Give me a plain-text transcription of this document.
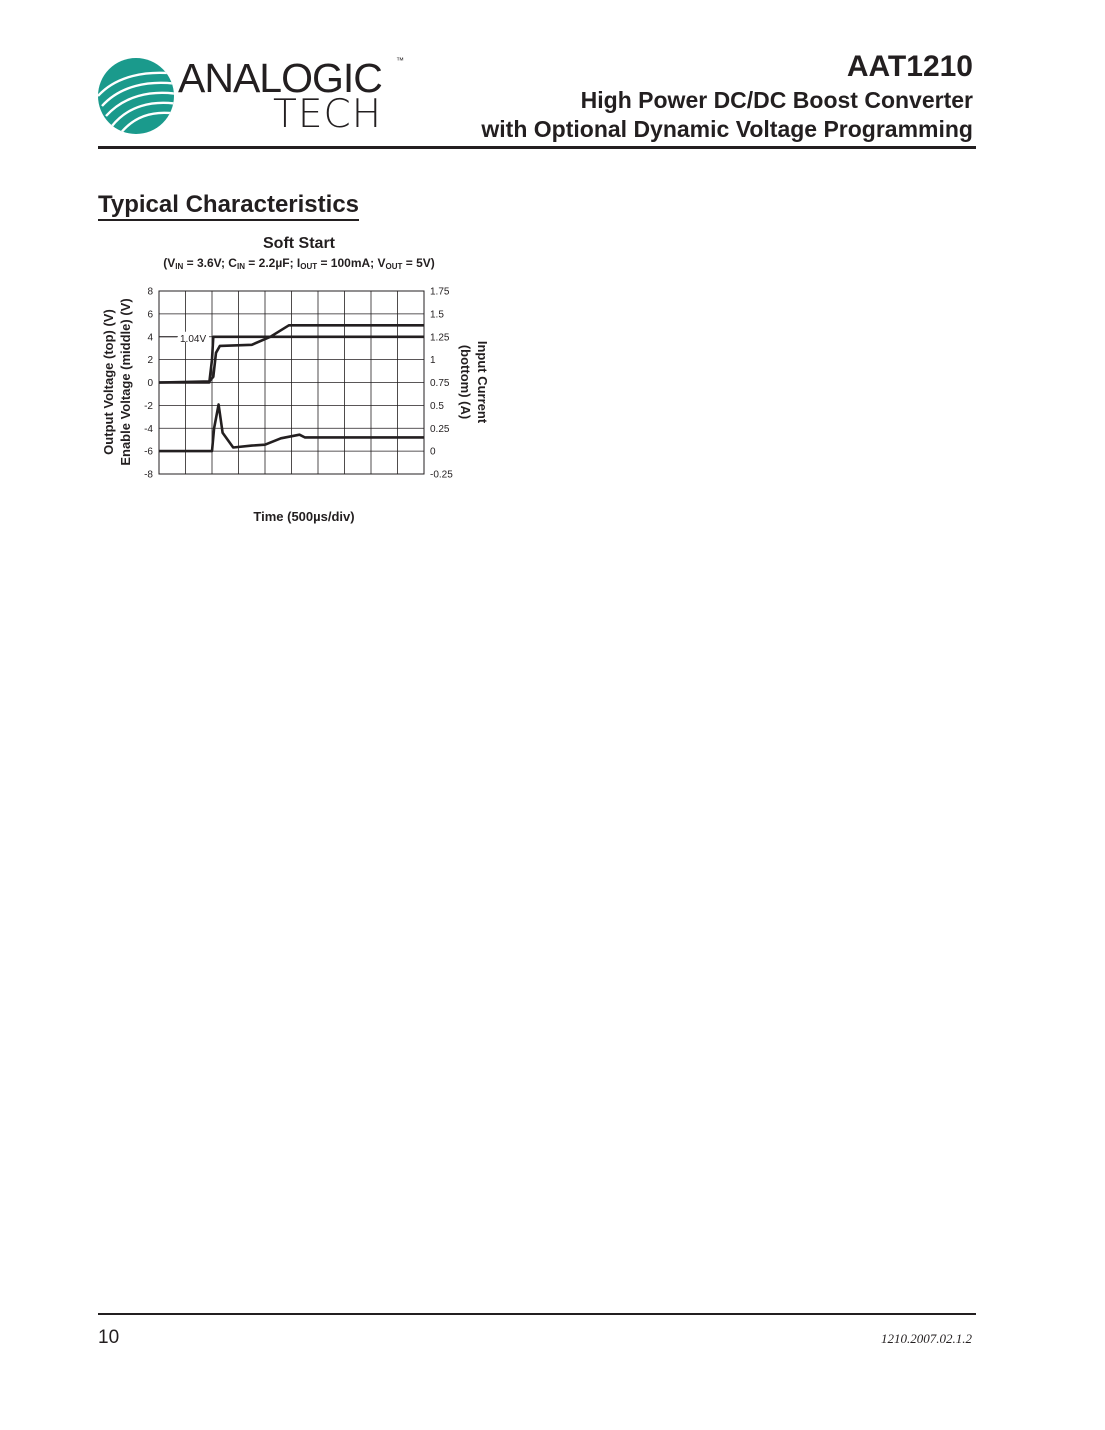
ANALOGIC
TECH
™	AAT1210
High Power DC/DC Boost Converter
with Optional Dynamic Voltage Programming
Typical Characteristics
Soft Start
($V_{IN} = 3.6V$; $C_{IN} = 2.2\mu F$; $I_{OUT} = 100mA$; $V_{OUT} = 5V$)
8	1.75
6	1.5
4	1.25
2	1
0	0.75
-2	0.5
-4	0.25
-6	0
-8	-0.25
Output Voltage (top) (V) Enable Voltage (middle) (V)	Input Current
(bottom) (A)
1.04V
Time (500µs/div)
10	1210.2007.02.1.2
